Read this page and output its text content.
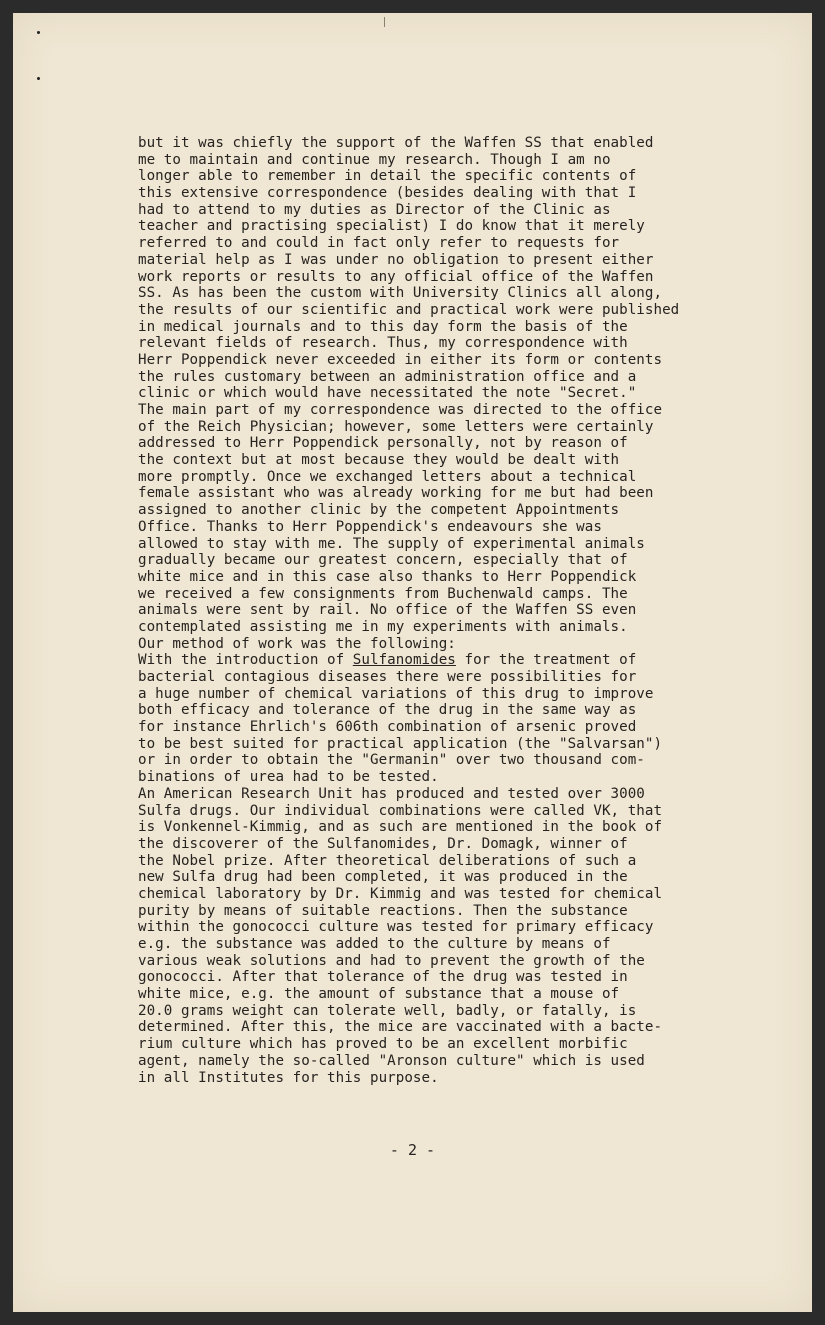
but it was chiefly the support of the Waffen SS that enabled
me to maintain and continue my research. Though I am no
longer able to remember in detail the specific contents of
this extensive correspondence (besides dealing with that I
had to attend to my duties as Director of the Clinic as
teacher and practising specialist) I do know that it merely
referred to and could in fact only refer to requests for
material help as I was under no obligation to present either
work reports or results to any official office of the Waffen
SS. As has been the custom with University Clinics all along,
the results of our scientific and practical work were published
in medical journals and to this day form the basis of the
relevant fields of research. Thus, my correspondence with
Herr Poppendick never exceeded in either its form or contents
the rules customary between an administration office and a
clinic or which would have necessitated the note "Secret."
The main part of my correspondence was directed to the office
of the Reich Physician; however, some letters were certainly
addressed to Herr Poppendick personally, not by reason of
the context but at most because they would be dealt with
more promptly. Once we exchanged letters about a technical
female assistant who was already working for me but had been
assigned to another clinic by the competent Appointments
Office. Thanks to Herr Poppendick's endeavours she was
allowed to stay with me. The supply of experimental animals
gradually became our greatest concern, especially that of
white mice and in this case also thanks to Herr Poppendick
we received a few consignments from Buchenwald camps. The
animals were sent by rail. No office of the Waffen SS even
contemplated assisting me in my experiments with animals.
Our method of work was the following:
With the introduction of Sulfanomides for the treatment of
bacterial contagious diseases there were possibilities for
a huge number of chemical variations of this drug to improve
both efficacy and tolerance of the drug in the same way as
for instance Ehrlich's 606th combination of arsenic proved
to be best suited for practical application (the "Salvarsan")
or in order to obtain the "Germanin" over two thousand com-
binations of urea had to be tested.
An American Research Unit has produced and tested over 3000
Sulfa drugs. Our individual combinations were called VK, that
is Vonkennel-Kimmig, and as such are mentioned in the book of
the discoverer of the Sulfanomides, Dr. Domagk, winner of
the Nobel prize. After theoretical deliberations of such a
new Sulfa drug had been completed, it was produced in the
chemical laboratory by Dr. Kimmig and was tested for chemical
purity by means of suitable reactions. Then the substance
within the gonococci culture was tested for primary efficacy
e.g. the substance was added to the culture by means of
various weak solutions and had to prevent the growth of the
gonococci. After that tolerance of the drug was tested in
white mice, e.g. the amount of substance that a mouse of
20.0 grams weight can tolerate well, badly, or fatally, is
determined. After this, the mice are vaccinated with a bacte-
rium culture which has proved to be an excellent morbific
agent, namely the so-called "Aronson culture" which is used
in all Institutes for this purpose.
- 2 -
